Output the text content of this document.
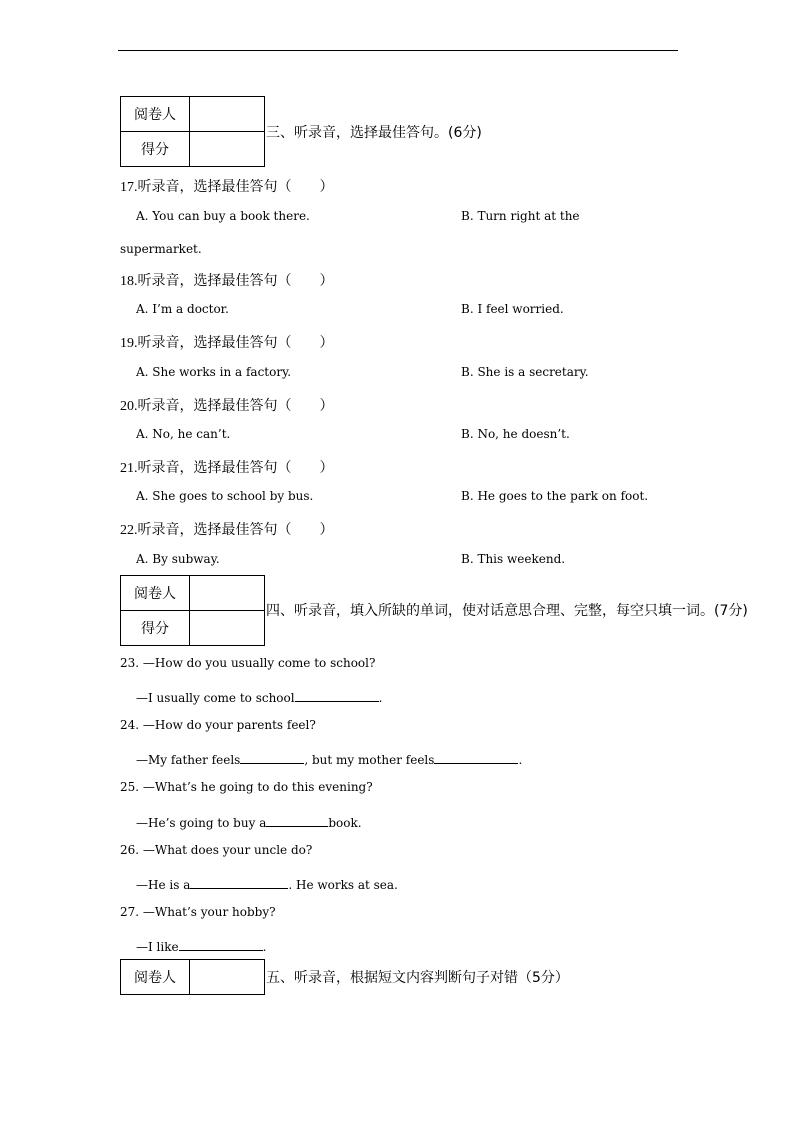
阅卷人	
得分	
三、听录音，选择最佳答句。(6分)
17.听录音，选择最佳答句（　　）
A. You can buy a book there.	B. Turn right at the
supermarket.
18.听录音，选择最佳答句（　　）
A. I’m a doctor.	B. I feel worried.
19.听录音，选择最佳答句（　　）
A. She works in a factory.	B. She is a secretary.
20.听录音，选择最佳答句（　　）
A. No, he can’t.	B. No, he doesn’t.
21.听录音，选择最佳答句（　　）
A. She goes to school by bus.	B. He goes to the park on foot.
22.听录音，选择最佳答句（　　）
A. By subway.	B. This weekend.
阅卷人	
得分	
四、听录音，填入所缺的单词，使对话意思合理、完整，每空只填一词。(7分)
23. —How do you usually come to school?
—I usually come to school	.
24. —How do your parents feel?
—My father feels	, but my mother feels	.
25. —What’s he going to do this evening?
—He’s going to buy a	book.
26. —What does your uncle do?
—He is a	. He works at sea.
27. —What’s your hobby?
—I like	.
阅卷人		五、听录音，根据短文内容判断句子对错（5分）
